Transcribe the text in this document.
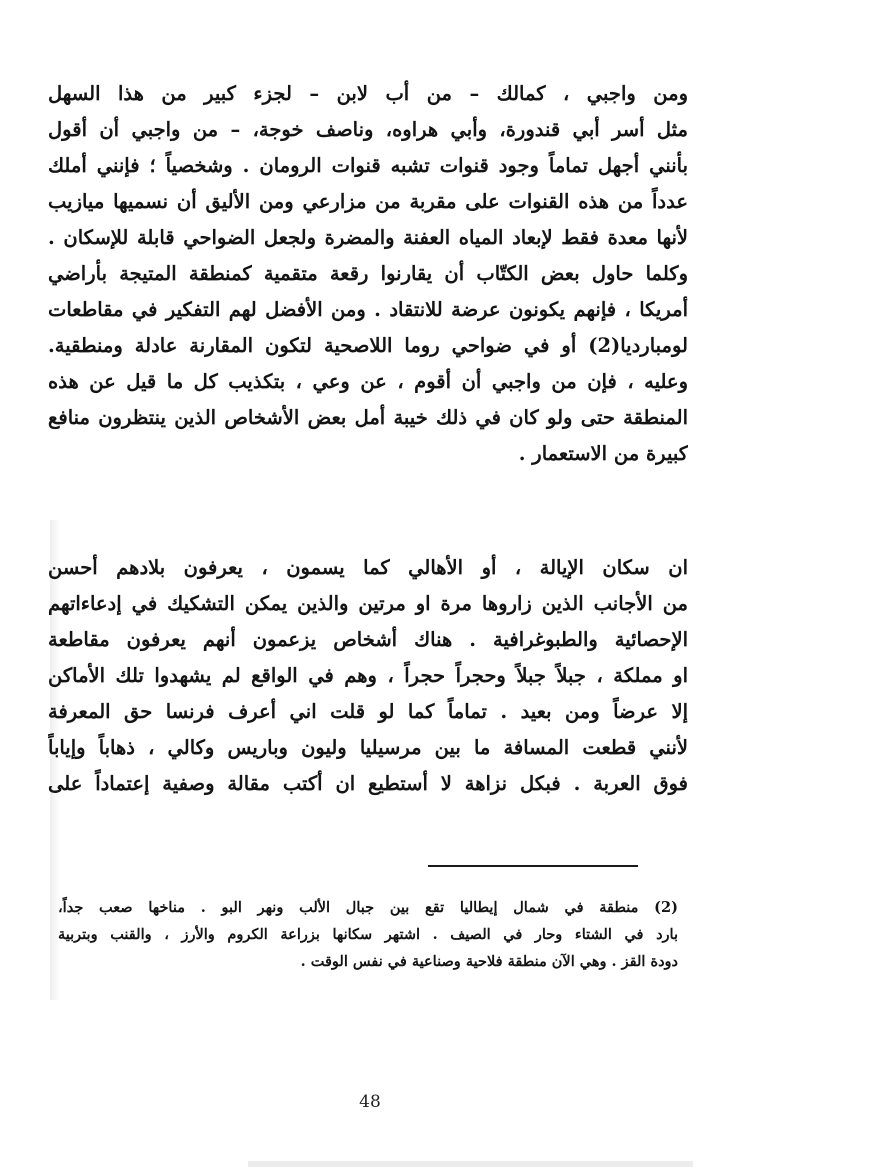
ومن واجبي ، كمالك – من أب لابن – لجزء كبير من هذا السهل
مثل أسر أبي قندورة، وأبي هراوه، وناصف خوجة، – من واجبي أن أقول
بأنني أجهل تماماً وجود قنوات تشبه قنوات الرومان . وشخصياً ؛ فإنني أملك
عدداً من هذه القنوات على مقربة من مزارعي ومن الأليق أن نسميها ميازيب
لأنها معدة فقط لإبعاد المياه العفنة والمضرة ولجعل الضواحي قابلة للإسكان .
وكلما حاول بعض الكتّاب أن يقارنوا رقعة متقمية كمنطقة المتيجة بأراضي
أمريكا ، فإنهم يكونون عرضة للانتقاد . ومن الأفضل لهم التفكير في مقاطعات
لومبارديا(2) أو في ضواحي روما اللاصحية لتكون المقارنة عادلة ومنطقية.
وعليه ، فإن من واجبي أن أقوم ، عن وعي ، بتكذيب كل ما قيل عن هذه
المنطقة حتى ولو كان في ذلك خيبة أمل بعض الأشخاص الذين ينتظرون منافع
كبيرة من الاستعمار .
ان سكان الإيالة ، أو الأهالي كما يسمون ، يعرفون بلادهم أحسن
من الأجانب الذين زاروها مرة او مرتين والذين يمكن التشكيك في إدعاءاتهم
الإحصائية والطبوغرافية . هناك أشخاص يزعمون أنهم يعرفون مقاطعة
او مملكة ، جبلاً جبلاً وحجراً حجراً ، وهم في الواقع لم يشهدوا تلك الأماكن
إلا عرضاً ومن بعيد . تماماً كما لو قلت اني أعرف فرنسا حق المعرفة
لأنني قطعت المسافة ما بين مرسيليا وليون وباريس وكالي ، ذهاباً وإياباً
فوق العربة . فبكل نزاهة لا أستطيع ان أكتب مقالة وصفية إعتماداً على
(2) منطقة في شمال إيطاليا تقع بين جبال الألب ونهر البو . مناخها صعب جداً،
بارد في الشتاء وحار في الصيف . اشتهر سكانها بزراعة الكروم والأرز ، والقنب وبتربية
دودة القز . وهي الآن منطقة فلاحية وصناعية في نفس الوقت .
48
